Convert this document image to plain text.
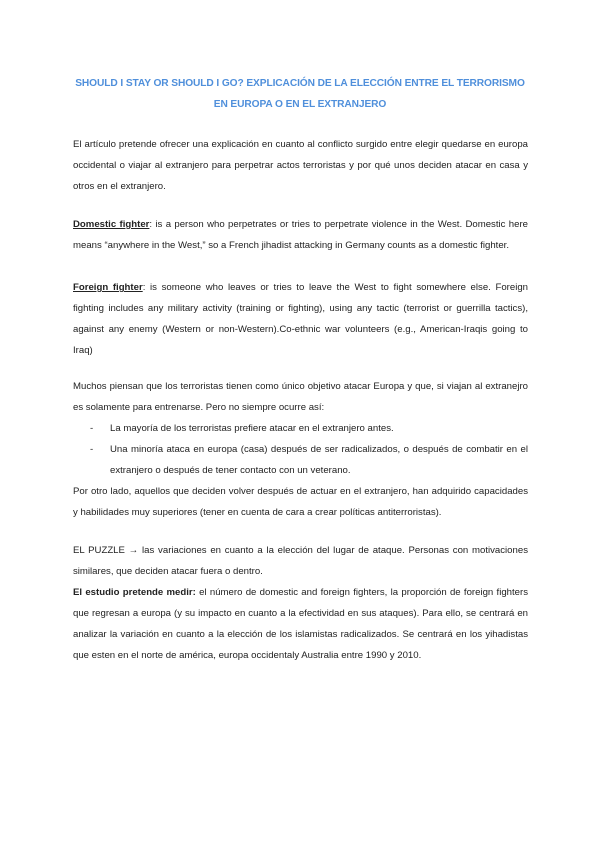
SHOULD I STAY OR SHOULD I GO? EXPLICACIÓN DE LA ELECCIÓN ENTRE EL TERRORISMO EN EUROPA O EN EL EXTRANJERO
El artículo pretende ofrecer una explicación en cuanto al conflicto surgido entre elegir quedarse en europa occidental o viajar al extranjero para perpetrar actos terroristas y por qué unos deciden atacar en casa y otros en el extranjero.
Domestic fighter: is a person who perpetrates or tries to perpetrate violence in the West. Domestic here means “anywhere in the West,” so a French jihadist attacking in Germany counts as a domestic fighter.
Foreign fighter: is someone who leaves or tries to leave the West to fight somewhere else. Foreign fighting includes any military activity (training or fighting), using any tactic (terrorist or guerrilla tactics), against any enemy (Western or non-Western).Co-ethnic war volunteers (e.g., American-Iraqis going to Iraq)
Muchos piensan que los terroristas tienen como único objetivo atacar Europa y que, si viajan al extranejro es solamente para entrenarse. Pero no siempre ocurre así:
- La mayoría de los terroristas prefiere atacar en el extranjero antes.
- Una minoría ataca en europa (casa) después de ser radicalizados, o después de combatir en el extranjero o después de tener contacto con un veterano.
Por otro lado, aquellos que deciden volver después de actuar en el extranjero, han adquirido capacidades y habilidades muy superiores (tener en cuenta de cara a crear políticas antiterroristas).
EL PUZZLE → las variaciones en cuanto a la elección del lugar de ataque. Personas con motivaciones similares, que deciden atacar fuera o dentro.
El estudio pretende medir: el número de domestic and foreign fighters, la proporción de foreign fighters que regresan a europa (y su impacto en cuanto a la efectividad en sus ataques). Para ello, se centrará en analizar la variación en cuanto a la elección de los islamistas radicalizados. Se centrará en los yihadistas que esten en el norte de américa, europa occidentaly Australia entre 1990 y 2010.
